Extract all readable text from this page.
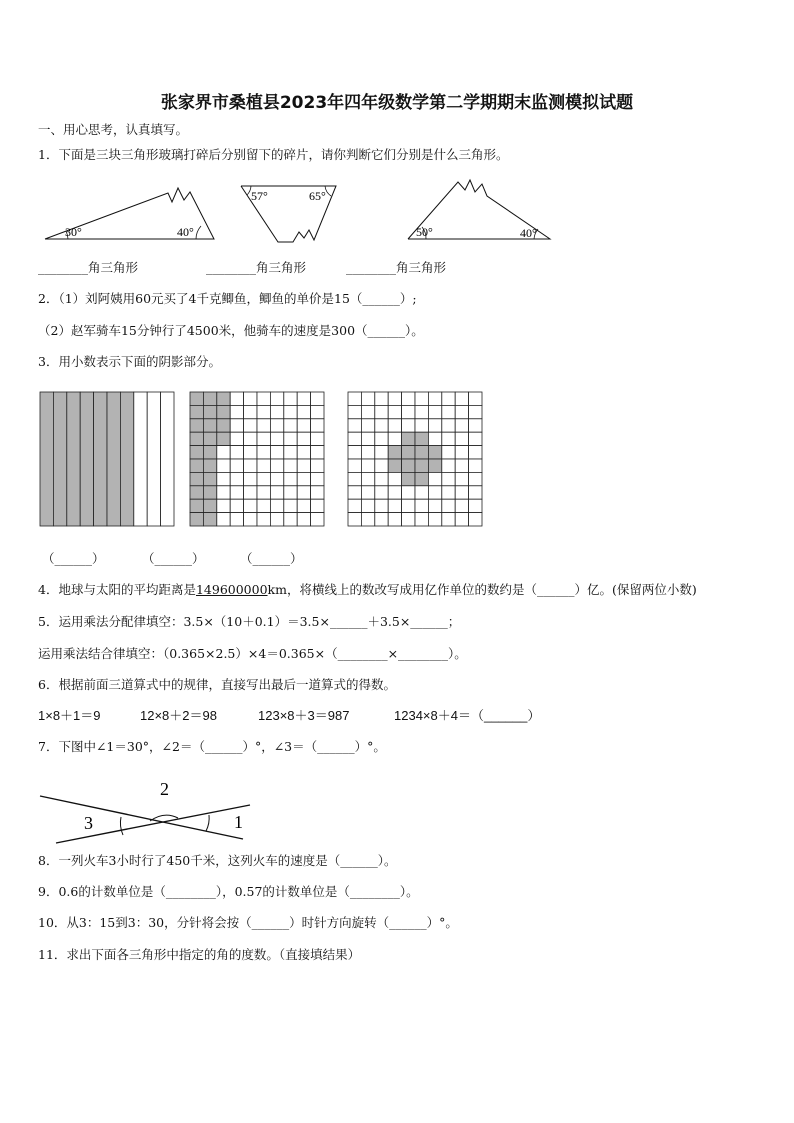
张家界市桑植县2023年四年级数学第二学期期末监测模拟试题
一、用心思考，认真填写。
1．下面是三块三角形玻璃打碎后分别留下的碎片，请你判断它们分别是什么三角形。
30°	40°
57°	65°
50°	40°
________角三角形	________角三角形	________角三角形
2．（1）刘阿姨用60元买了4千克鲫鱼，鲫鱼的单价是15（______）;
（2）赵军骑车15分钟行了4500米，他骑车的速度是300（______）。
3．用小数表示下面的阴影部分。
（______）	（______）	（______）
4．地球与太阳的平均距离是149600000km，将横线上的数改写成用亿作单位的数约是（______）亿。(保留两位小数)
5．运用乘法分配律填空：3.5×（10＋0.1）＝3.5×______＋3.5×______；
运用乘法结合律填空：（0.365×2.5）×4＝0.365×（________×________）。
6．根据前面三道算式中的规律，直接写出最后一道算式的得数。
1×8＋1＝9	12×8＋2＝98	123×8＋3＝987	1234×8＋4＝（______）
7．下图中∠1＝30°，∠2＝（______）°，∠3＝（______）°。
2
3	1
8．一列火车3小时行了450千米，这列火车的速度是（______）。
9．0.6的计数单位是（________），0.57的计数单位是（________）。
10．从3：15到3：30，分针将会按（______）时针方向旋转（______）°。
11．求出下面各三角形中指定的角的度数。（直接填结果）
